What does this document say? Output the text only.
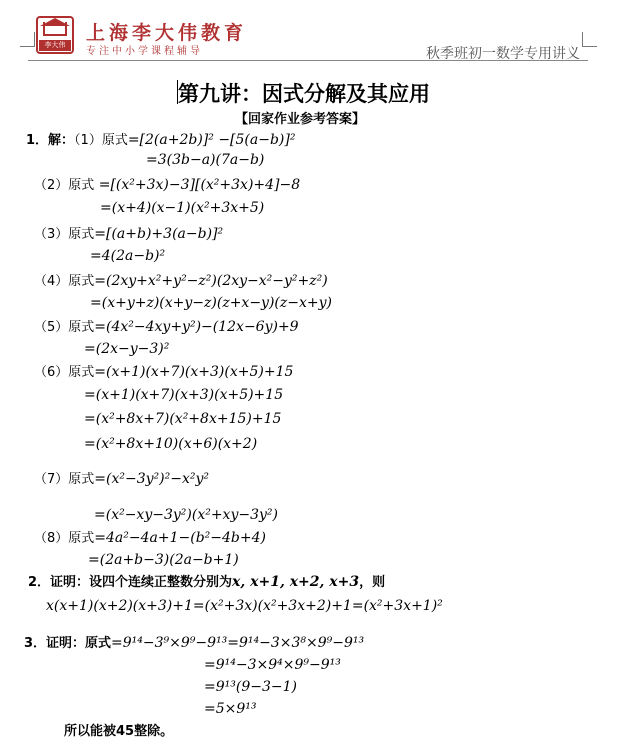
李大伟
上海李大伟教育
专注中小学课程辅导	秋季班初一数学专用讲义
第九讲：因式分解及其应用
【回家作业参考答案】
1．解：（1）原式=[2(a+2b)]² −[5(a−b)]²
=3(3b−a)(7a−b)
（2）原式 =[(x²+3x)−3][(x²+3x)+4]−8
=(x+4)(x−1)(x²+3x+5)
（3）原式=[(a+b)+3(a−b)]²
=4(2a−b)²
（4）原式=(2xy+x²+y²−z²)(2xy−x²−y²+z²)
=(x+y+z)(x+y−z)(z+x−y)(z−x+y)
（5）原式=(4x²−4xy+y²)−(12x−6y)+9
=(2x−y−3)²
（6）原式=(x+1)(x+7)(x+3)(x+5)+15
=(x+1)(x+7)(x+3)(x+5)+15
=(x²+8x+7)(x²+8x+15)+15
=(x²+8x+10)(x+6)(x+2)
（7）原式=(x²−3y²)²−x²y²
=(x²−xy−3y²)(x²+xy−3y²)
（8）原式=4a²−4a+1−(b²−4b+4)
=(2a+b−3)(2a−b+1)
2．证明：设四个连续正整数分别为x, x+1, x+2, x+3，则
x(x+1)(x+2)(x+3)+1=(x²+3x)(x²+3x+2)+1=(x²+3x+1)²
3．证明：原式=9¹⁴−3⁹×9⁹−9¹³=9¹⁴−3×3⁸×9⁹−9¹³
=9¹⁴−3×9⁴×9⁹−9¹³
=9¹³(9−3−1)
=5×9¹³
所以能被45整除。
